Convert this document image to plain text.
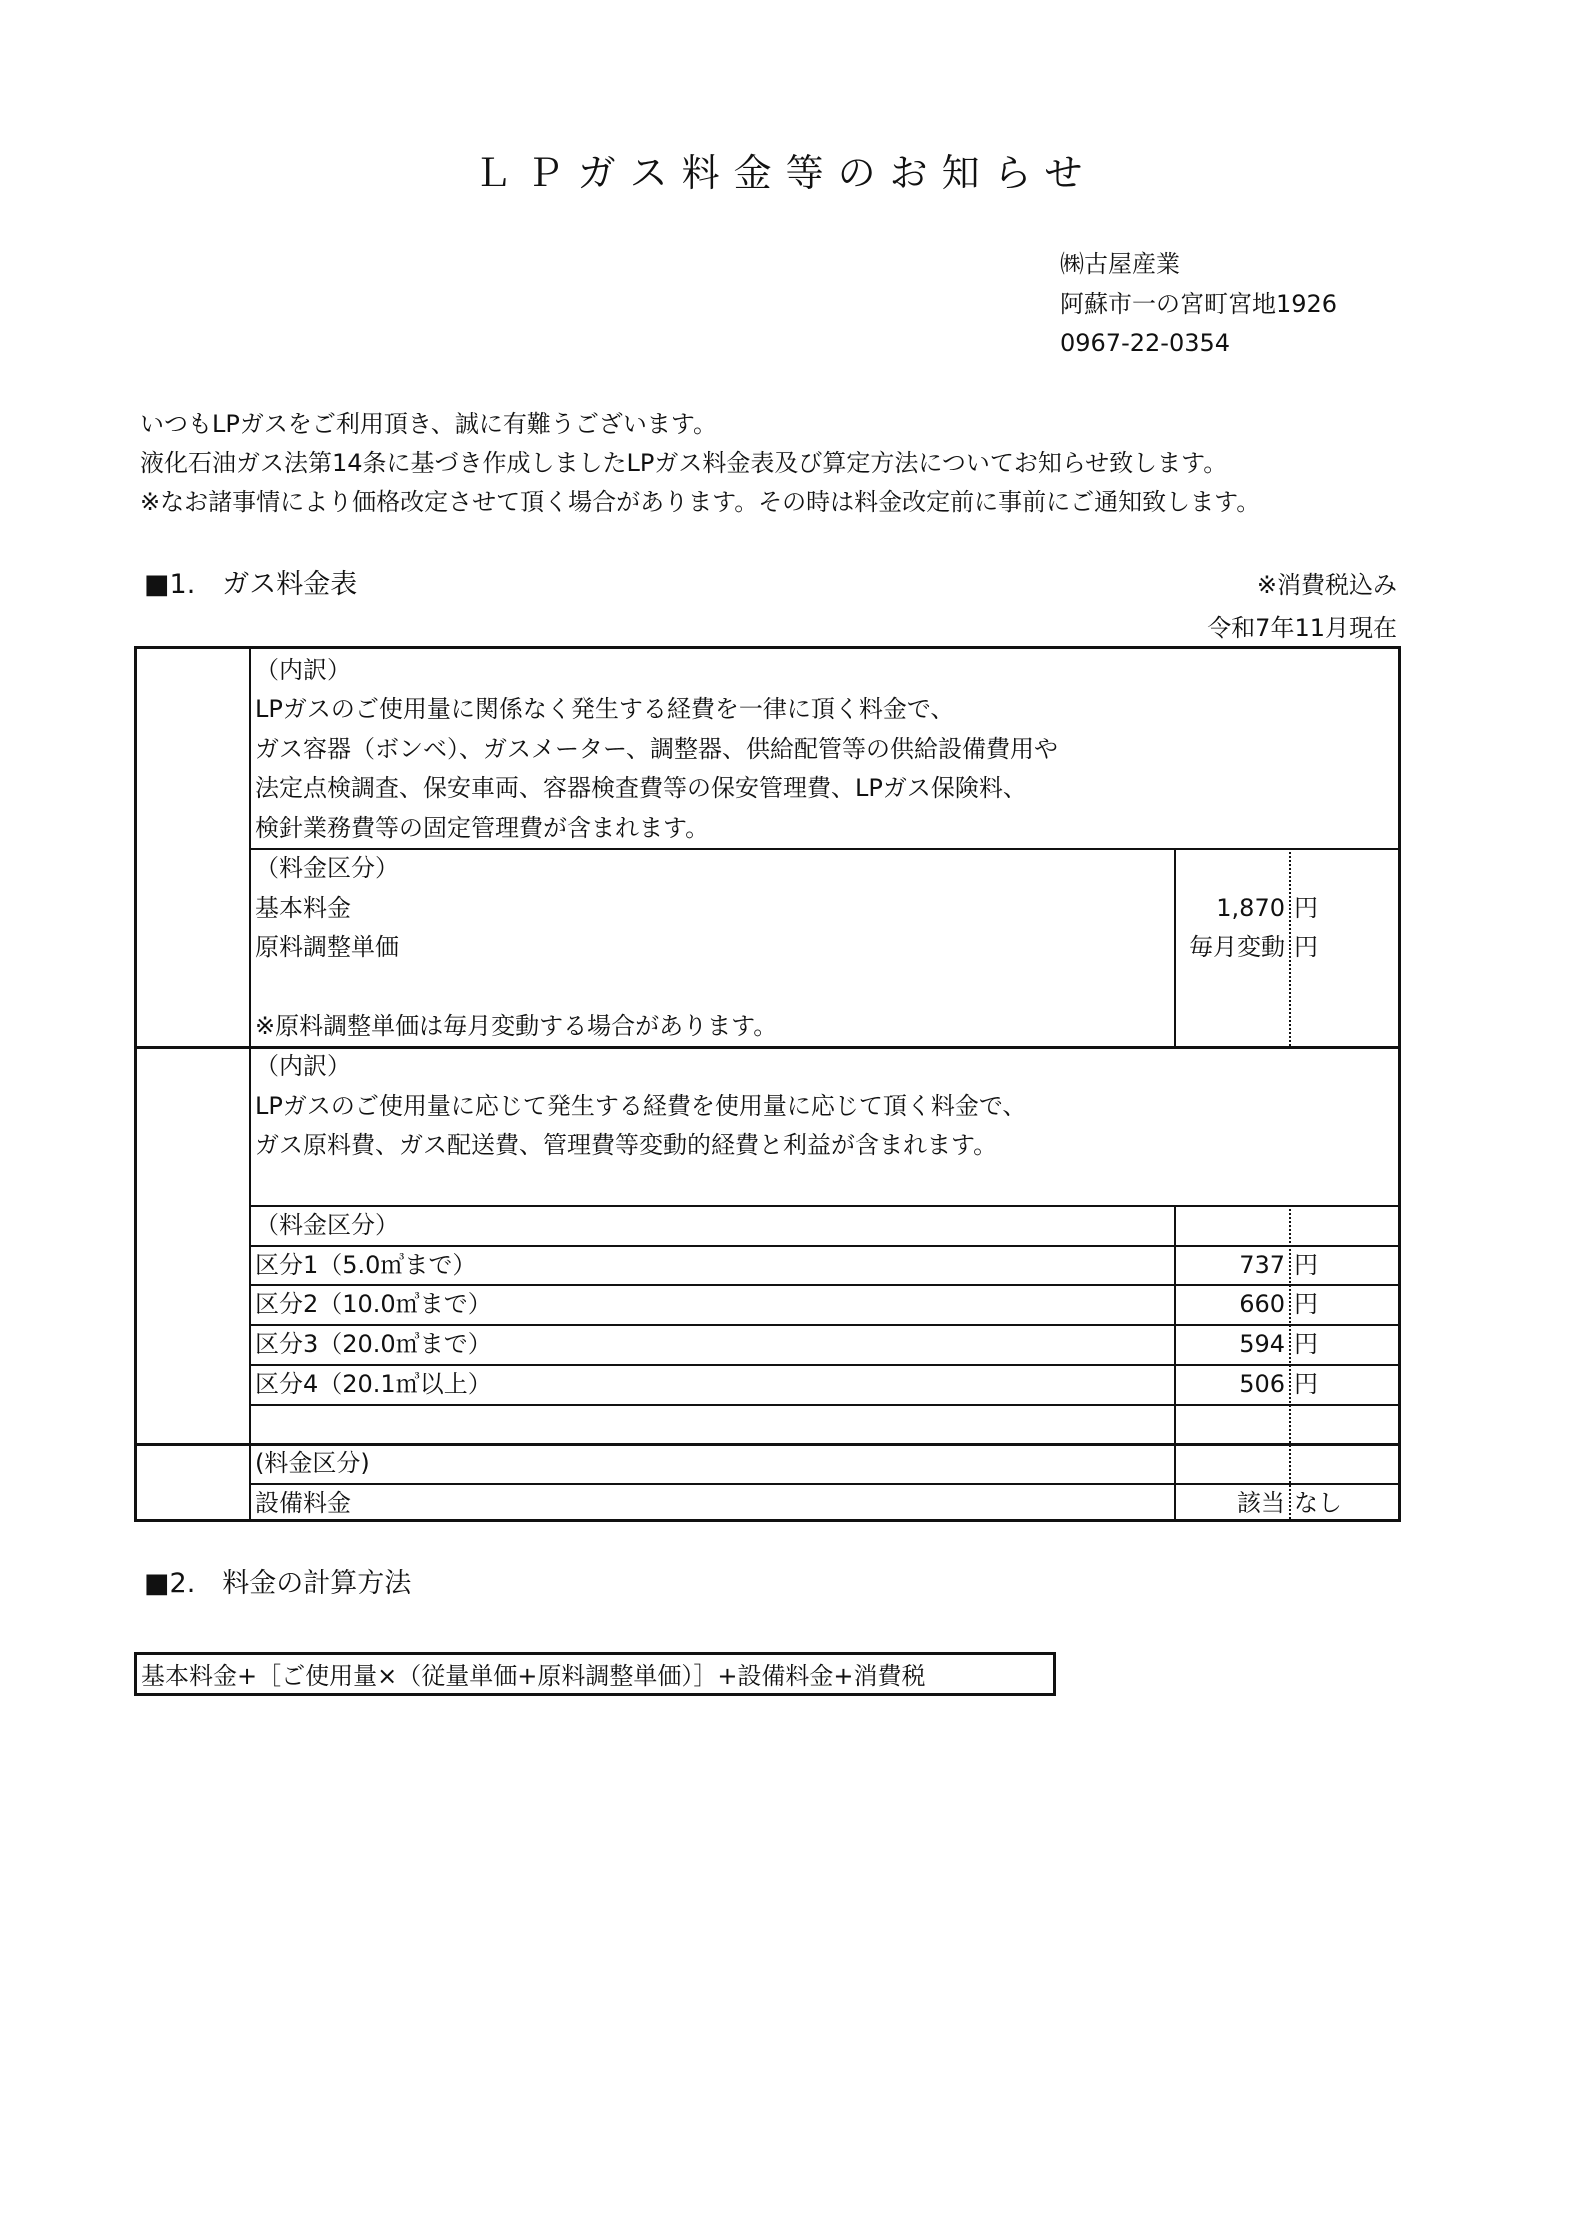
ＬＰガス料金等のお知らせ
㈱古屋産業
阿蘇市一の宮町宮地1926
0967-22-0354
いつもLPガスをご利用頂き、誠に有難うございます。
液化石油ガス法第14条に基づき作成しましたLPガス料金表及び算定方法についてお知らせ致します。
※なお諸事情により価格改定させて頂く場合があります。その時は料金改定前に事前にご通知致します。
■1.　ガス料金表	※消費税込み
令和7年11月現在
（内訳）
LPガスのご使用量に関係なく発生する経費を一律に頂く料金で、
ガス容器（ボンベ）、ガスメーター、調整器、供給配管等の供給設備費用や
法定点検調査、保安車両、容器検査費等の保安管理費、LPガス保険料、
検針業務費等の固定管理費が含まれます。
（料金区分）
基本料金	1,870 円
原料調整単価	毎月変動 円
※原料調整単価は毎月変動する場合があります。
（内訳）
LPガスのご使用量に応じて発生する経費を使用量に応じて頂く料金で、
ガス原料費、ガス配送費、管理費等変動的経費と利益が含まれます。
（料金区分）
区分1（5.0㎥まで）	737 円
区分2（10.0㎥まで）	660 円
区分3（20.0㎥まで）	594 円
区分4（20.1㎥以上）	506 円
(料金区分)
設備料金	該当 なし
■2.　料金の計算方法
基本料金+［ご使用量×（従量単価+原料調整単価）］+設備料金+消費税
